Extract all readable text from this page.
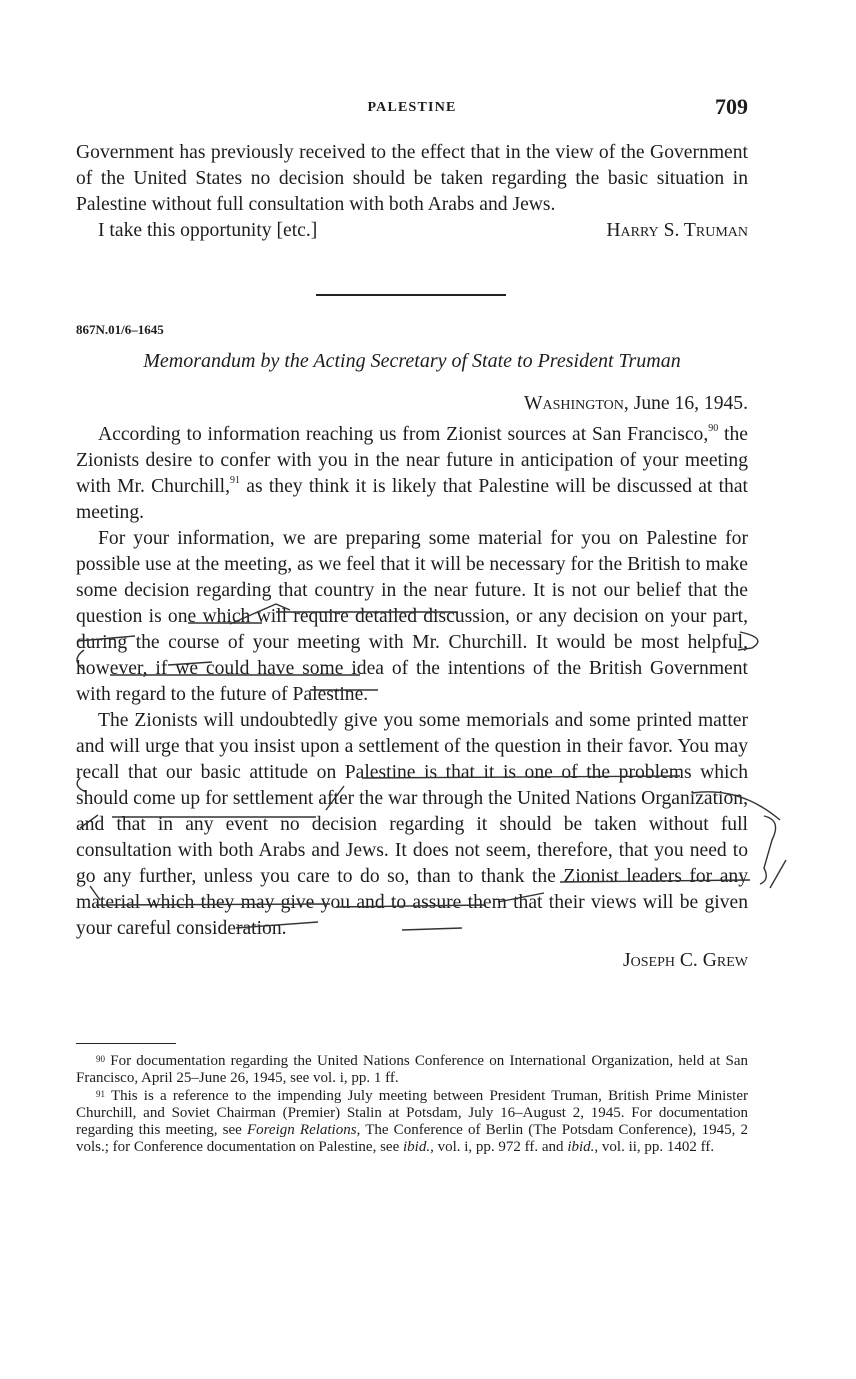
PALESTINE	709

Government has previously received to the effect that in the view of the Government of the United States no decision should be taken regarding the basic situation in Palestine without full consultation with both Arabs and Jews.

I take this opportunity [etc.]	Harry S. Truman
867N.01/6–1645
Memorandum by the Acting Secretary of State to President Truman
Washington, June 16, 1945.

According to information reaching us from Zionist sources at San Francisco,$^{90}$ the Zionists desire to confer with you in the near future in anticipation of your meeting with Mr. Churchill,$^{91}$ as they think it is likely that Palestine will be discussed at that meeting.

For your information, we are preparing some material for you on Palestine for possible use at the meeting, as we feel that it will be necessary for the British to make some decision regarding that country in the near future. It is not our belief that the question is one which will require detailed discussion, or any decision on your part, during the course of your meeting with Mr. Churchill. It would be most helpful, however, if we could have some idea of the intentions of the British Government with regard to the future of Palestine.

The Zionists will undoubtedly give you some memorials and some printed matter and will urge that you insist upon a settlement of the question in their favor. You may recall that our basic attitude on Palestine is that it is one of the problems which should come up for settlement after the war through the United Nations Organization, and that in any event no decision regarding it should be taken without full consultation with both Arabs and Jews. It does not seem, therefore, that you need to go any further, unless you care to do so, than to thank the Zionist leaders for any material which they may give you and to assure them that their views will be given your careful consideration.

Joseph C. Grew

$^{90}$ For documentation regarding the United Nations Conference on International Organization, held at San Francisco, April 25–June 26, 1945, see vol. i, pp. 1 ff.

$^{91}$ This is a reference to the impending July meeting between President Truman, British Prime Minister Churchill, and Soviet Chairman (Premier) Stalin at Potsdam, July 16–August 2, 1945. For documentation regarding this meeting, see Foreign Relations, The Conference of Berlin (The Potsdam Conference), 1945, 2 vols.; for Conference documentation on Palestine, see ibid., vol. i, pp. 972 ff. and ibid., vol. ii, pp. 1402 ff.
